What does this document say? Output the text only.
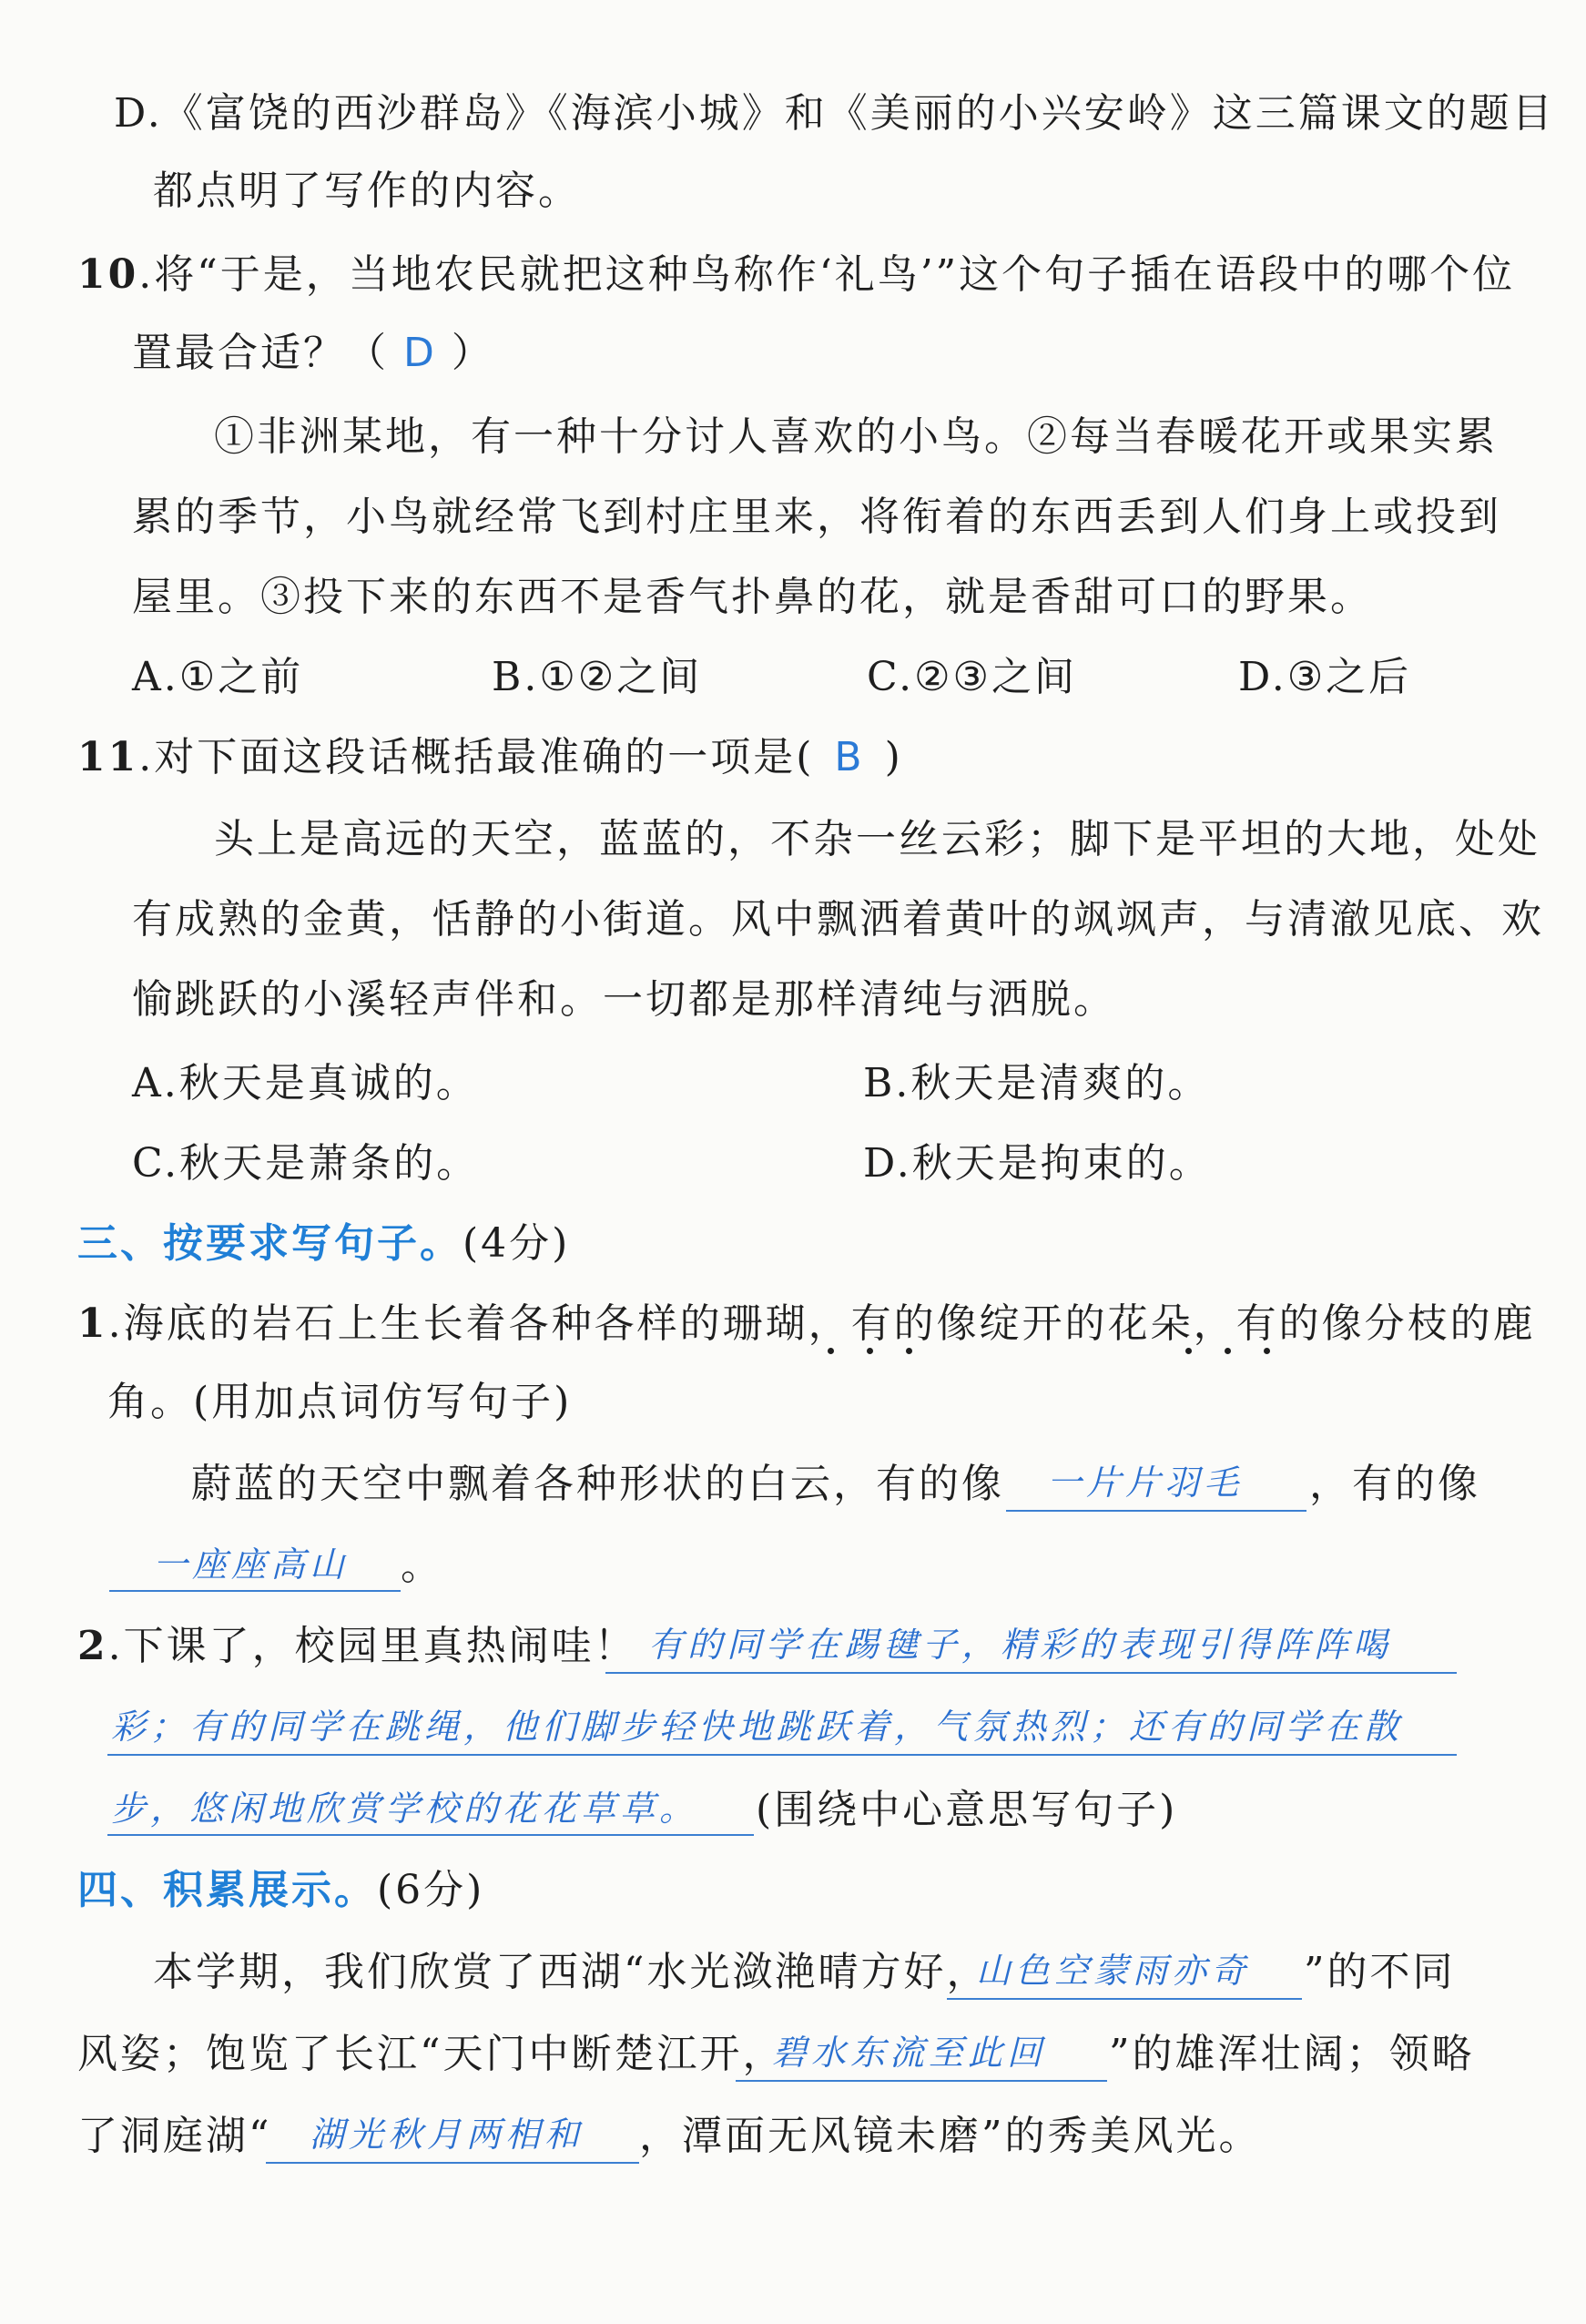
D.《富饶的西沙群岛》《海滨小城》和《美丽的小兴安岭》这三篇课文的题目
都点明了写作的内容。
10.将“于是，当地农民就把这种鸟称作‘礼鸟’”这个句子插在语段中的哪个位
置最合适？（ D ）
①非洲某地，有一种十分讨人喜欢的小鸟。②每当春暖花开或果实累
累的季节，小鸟就经常飞到村庄里来，将衔着的东西丢到人们身上或投到
屋里。③投下来的东西不是香气扑鼻的花，就是香甜可口的野果。
A.①之前	B.①②之间	C.②③之间	D.③之后
11.对下面这段话概括最准确的一项是( B )
头上是高远的天空，蓝蓝的，不杂一丝云彩；脚下是平坦的大地，处处
有成熟的金黄，恬静的小街道。风中飘洒着黄叶的飒飒声，与清澈见底、欢
愉跳跃的小溪轻声伴和。一切都是那样清纯与洒脱。
A.秋天是真诚的。	B.秋天是清爽的。
C.秋天是萧条的。	D.秋天是拘束的。
三、按要求写句子。(4分)
1.海底的岩石上生长着各种各样的珊瑚，有的像绽开的花朵，有的像分枝的鹿
角。(用加点词仿写句子)
蔚蓝的天空中飘着各种形状的白云，有的像 一片片羽毛 ，有的像
一座座高山 。
2.下课了，校园里真热闹哇！ 有的同学在踢毽子，精彩的表现引得阵阵喝
彩；有的同学在跳绳，他们脚步轻快地跳跃着，气氛热烈；还有的同学在散
步，悠闲地欣赏学校的花花草草。 (围绕中心意思写句子)
四、积累展示。(6分)
本学期，我们欣赏了西湖“水光潋滟晴方好，
山色空蒙雨亦奇 ”的不同
风姿；饱览了长江“天门中断楚江开，
碧水东流至此回 ”的雄浑壮阔；领略
了洞庭湖“ 湖光秋月两相和 ，潭面无风镜未磨”的秀美风光。
